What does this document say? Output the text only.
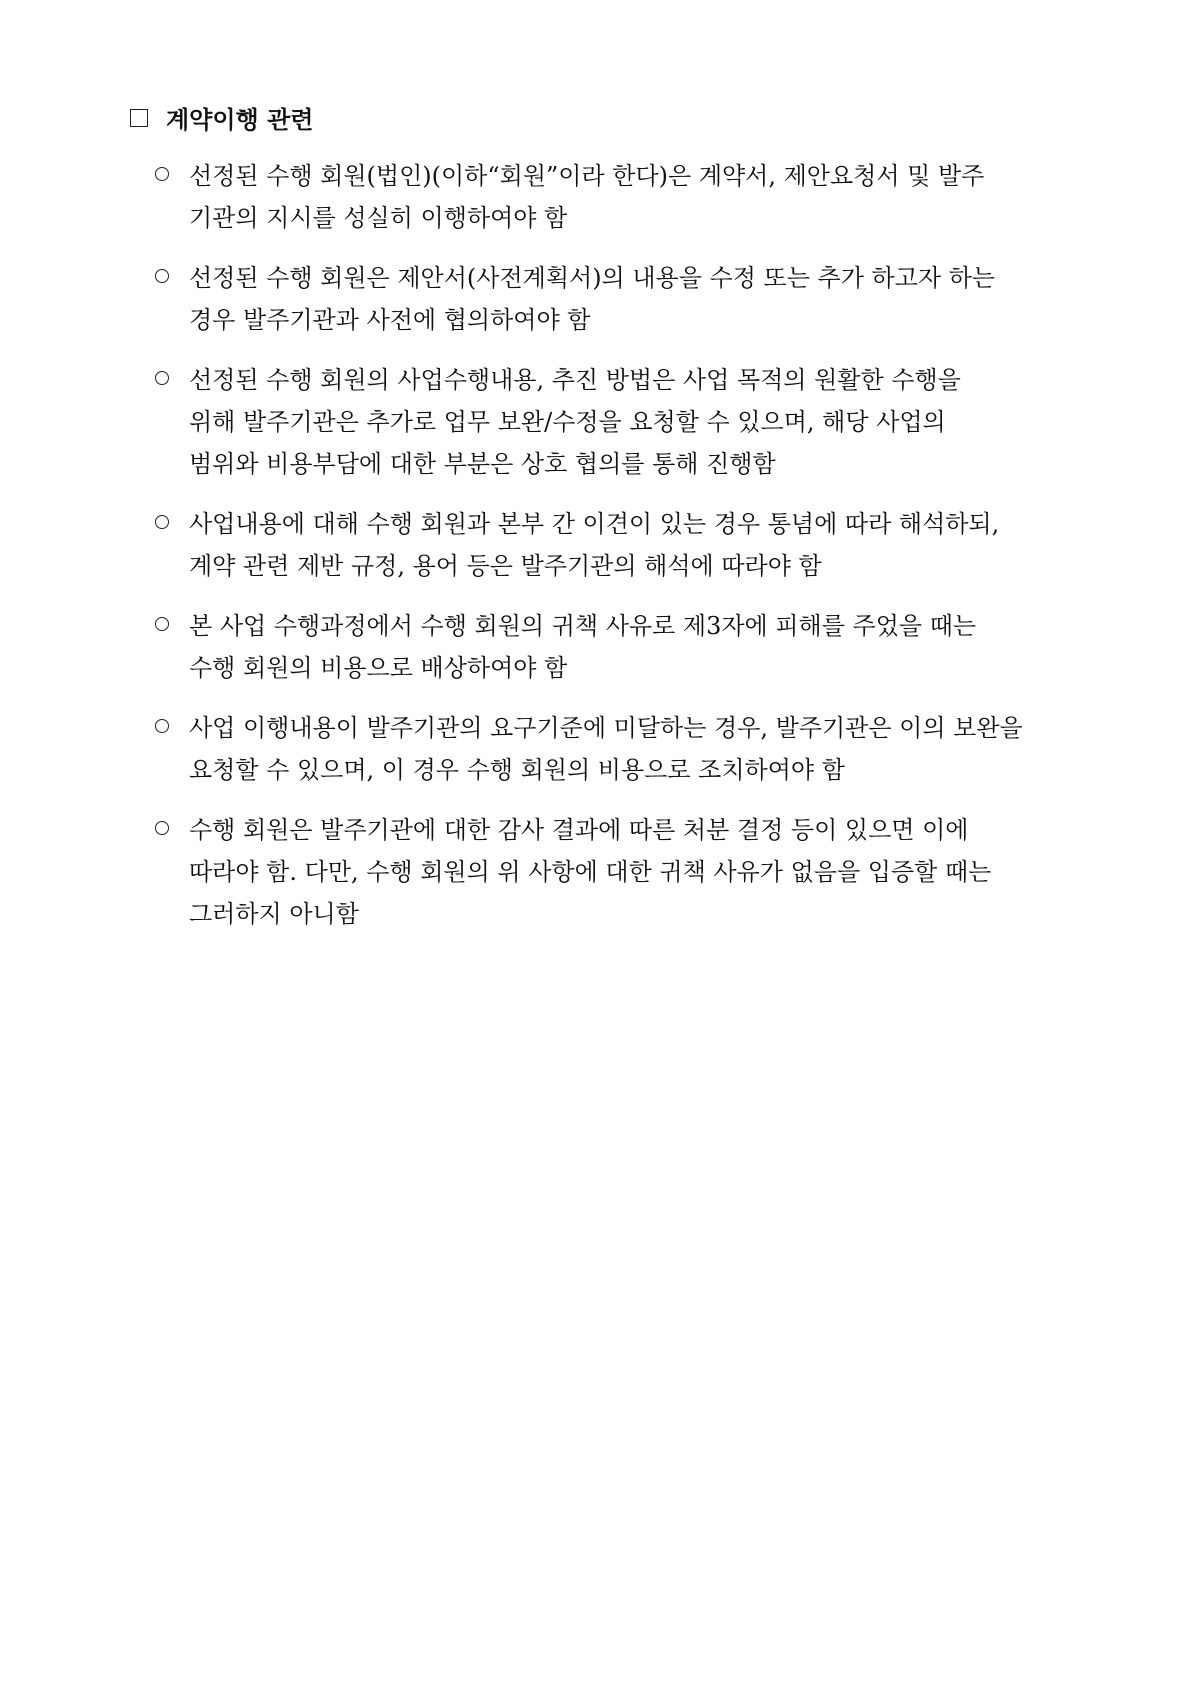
계약이행 관련
선정된 수행 회원(법인)(이하“회원”이라 한다)은 계약서, 제안요청서 및 발주
기관의 지시를 성실히 이행하여야 함
선정된 수행 회원은 제안서(사전계획서)의 내용을 수정 또는 추가 하고자 하는
경우 발주기관과 사전에 협의하여야 함
선정된 수행 회원의 사업수행내용, 추진 방법은 사업 목적의 원활한 수행을
위해 발주기관은 추가로 업무 보완/수정을 요청할 수 있으며, 해당 사업의
범위와 비용부담에 대한 부분은 상호 협의를 통해 진행함
사업내용에 대해 수행 회원과 본부 간 이견이 있는 경우 통념에 따라 해석하되,
계약 관련 제반 규정, 용어 등은 발주기관의 해석에 따라야 함
본 사업 수행과정에서 수행 회원의 귀책 사유로 제3자에 피해를 주었을 때는
수행 회원의 비용으로 배상하여야 함
사업 이행내용이 발주기관의 요구기준에 미달하는 경우, 발주기관은 이의 보완을
요청할 수 있으며, 이 경우 수행 회원의 비용으로 조치하여야 함
수행 회원은 발주기관에 대한 감사 결과에 따른 처분 결정 등이 있으면 이에
따라야 함. 다만, 수행 회원의 위 사항에 대한 귀책 사유가 없음을 입증할 때는
그러하지 아니함
